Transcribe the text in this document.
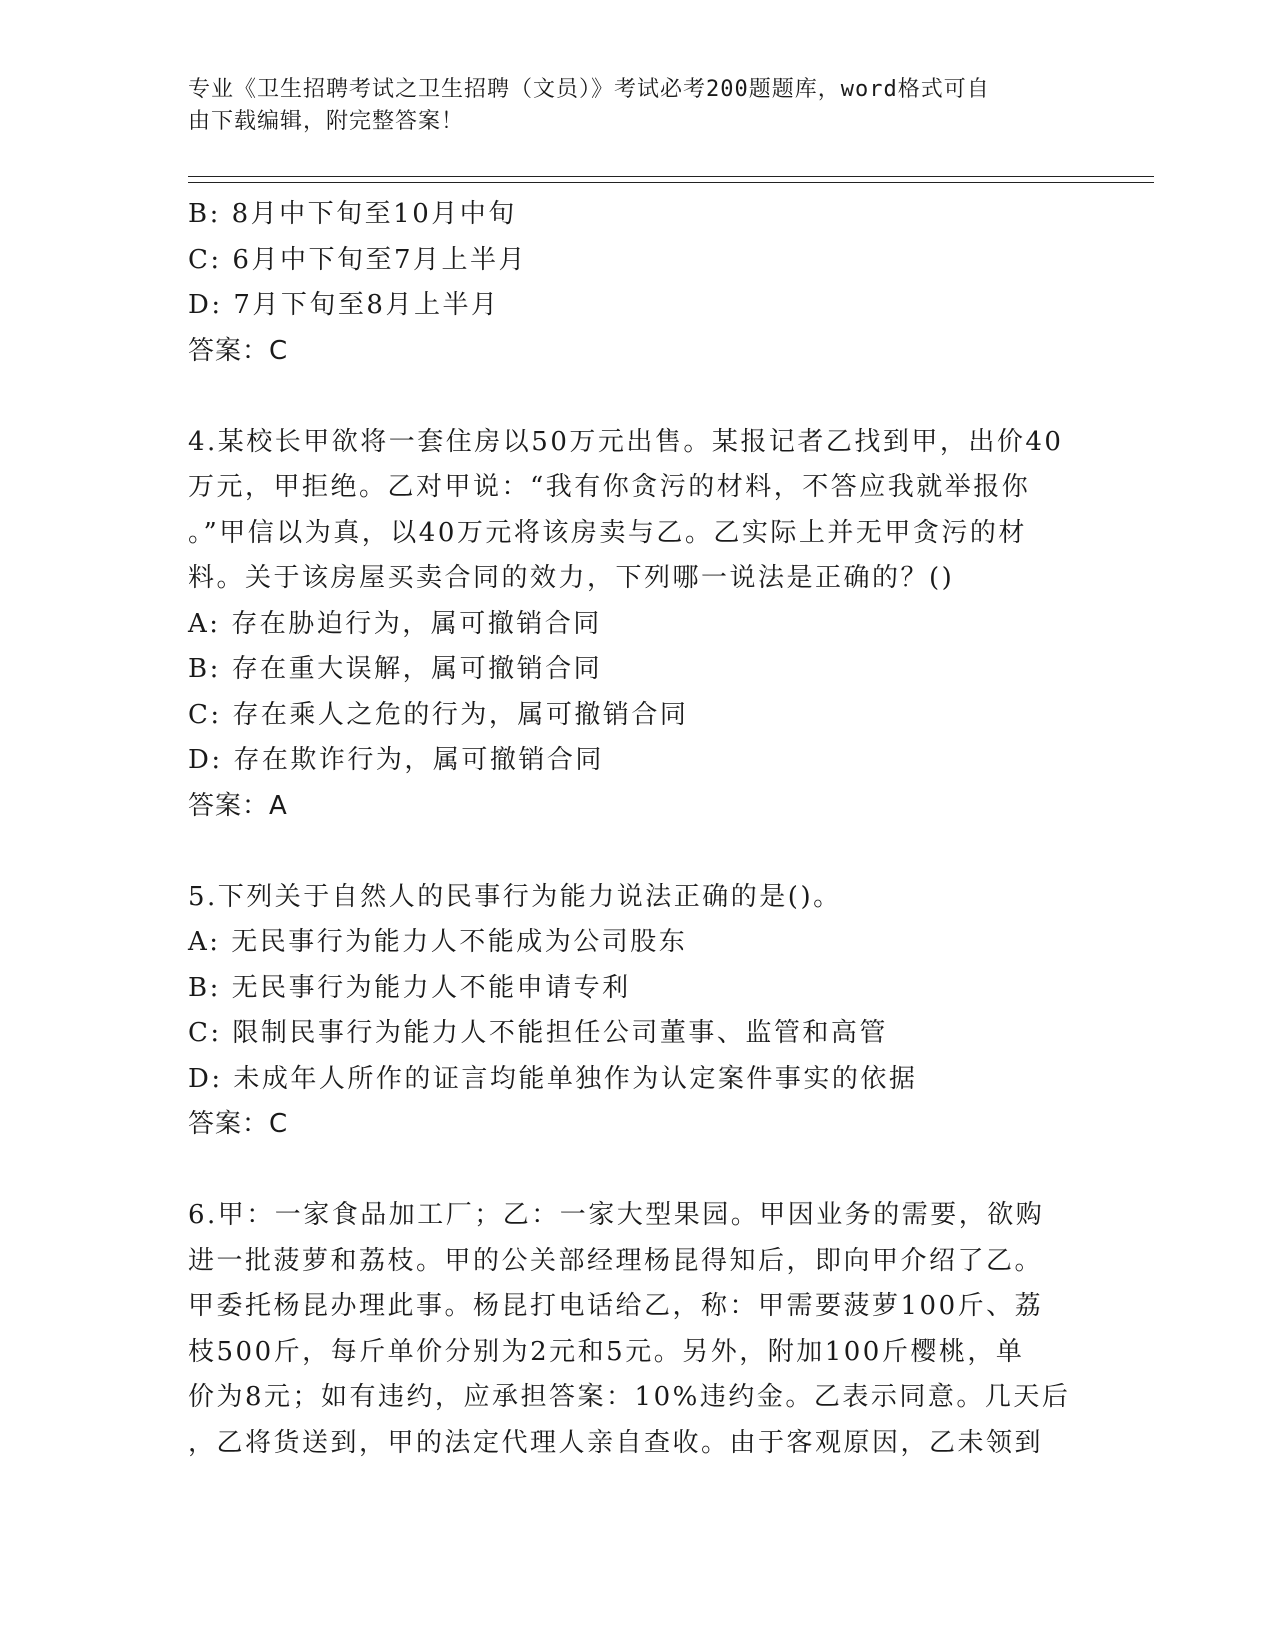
专业《卫生招聘考试之卫生招聘（文员）》考试必考200题题库，word格式可自
由下载编辑，附完整答案！
B: 8月中下旬至10月中旬
C: 6月中下旬至7月上半月
D: 7月下旬至8月上半月
答案：C
4.某校长甲欲将一套住房以50万元出售。某报记者乙找到甲，出价40
万元，甲拒绝。乙对甲说：“我有你贪污的材料，不答应我就举报你
。”甲信以为真，以40万元将该房卖与乙。乙实际上并无甲贪污的材
料。关于该房屋买卖合同的效力，下列哪一说法是正确的？()
A: 存在胁迫行为，属可撤销合同
B: 存在重大误解，属可撤销合同
C: 存在乘人之危的行为，属可撤销合同
D: 存在欺诈行为，属可撤销合同
答案：A
5.下列关于自然人的民事行为能力说法正确的是()。
A: 无民事行为能力人不能成为公司股东
B: 无民事行为能力人不能申请专利
C: 限制民事行为能力人不能担任公司董事、监管和高管
D: 未成年人所作的证言均能单独作为认定案件事实的依据
答案：C
6.甲：一家食品加工厂；乙：一家大型果园。甲因业务的需要，欲购
进一批菠萝和荔枝。甲的公关部经理杨昆得知后，即向甲介绍了乙。
甲委托杨昆办理此事。杨昆打电话给乙，称：甲需要菠萝100斤、荔
枝500斤，每斤单价分别为2元和5元。另外，附加100斤樱桃，单
价为8元；如有违约，应承担答案：10%违约金。乙表示同意。几天后
，乙将货送到，甲的法定代理人亲自查收。由于客观原因，乙未领到
